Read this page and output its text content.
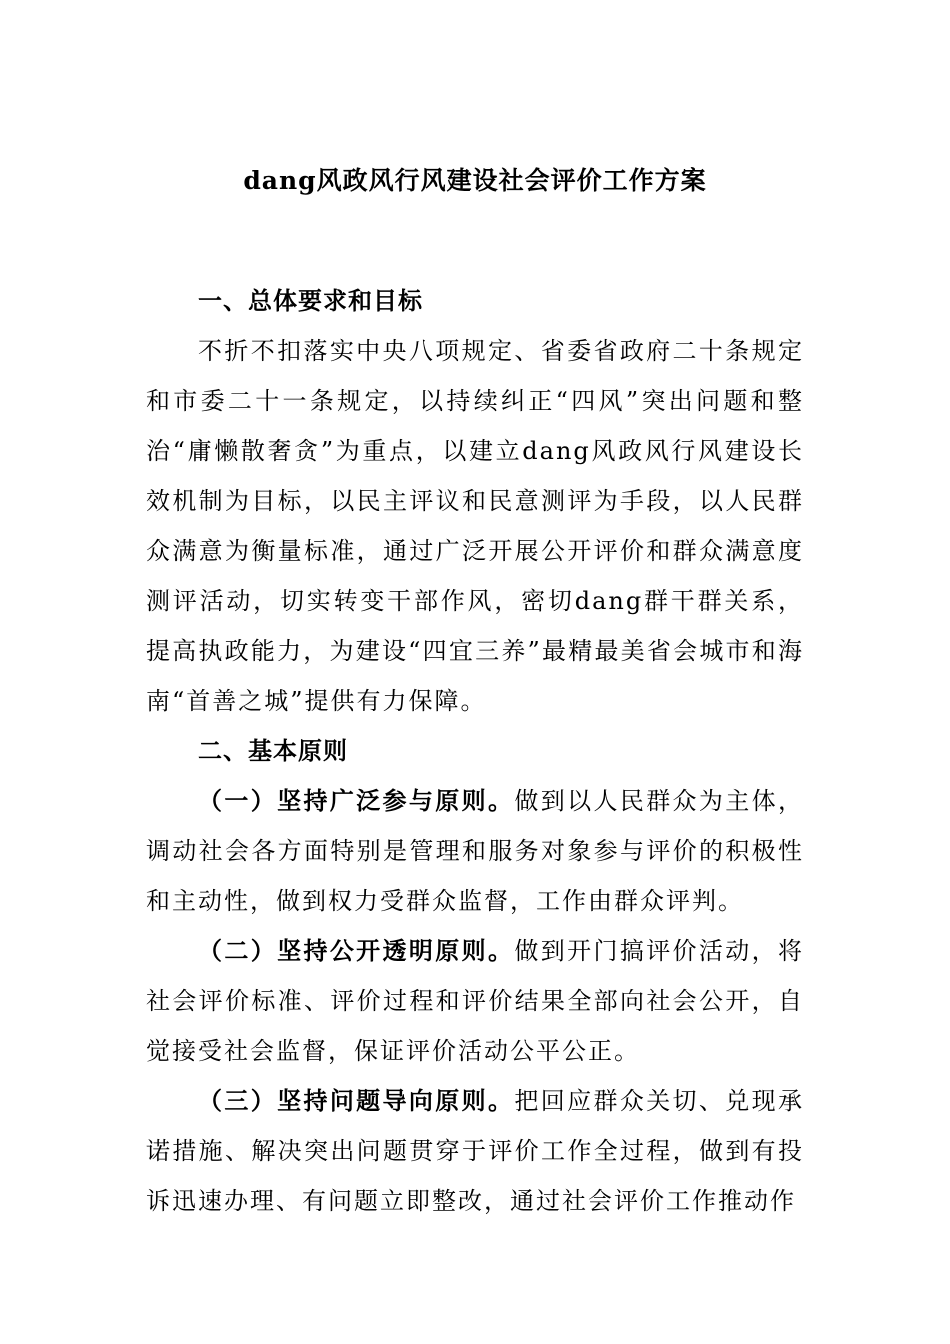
dang风政风行风建设社会评价工作方案
一、总体要求和目标

不折不扣落实中央八项规定、省委省政府二十条规定和市委二十一条规定，以持续纠正“四风”突出问题和整治“庸懒散奢贪”为重点，以建立dang风政风行风建设长效机制为目标，以民主评议和民意测评为手段，以人民群众满意为衡量标准，通过广泛开展公开评价和群众满意度测评活动，切实转变干部作风，密切dang群干群关系，提高执政能力，为建设“四宜三养”最精最美省会城市和海南“首善之城”提供有力保障。

二、基本原则

（一）坚持广泛参与原则。做到以人民群众为主体，调动社会各方面特别是管理和服务对象参与评价的积极性和主动性，做到权力受群众监督，工作由群众评判。

（二）坚持公开透明原则。做到开门搞评价活动，将社会评价标准、评价过程和评价结果全部向社会公开，自觉接受社会监督，保证评价活动公平公正。

（三）坚持问题导向原则。把回应群众关切、兑现承诺措施、解决突出问题贯穿于评价工作全过程，做到有投诉迅速办理、有问题立即整改，通过社会评价工作推动作
